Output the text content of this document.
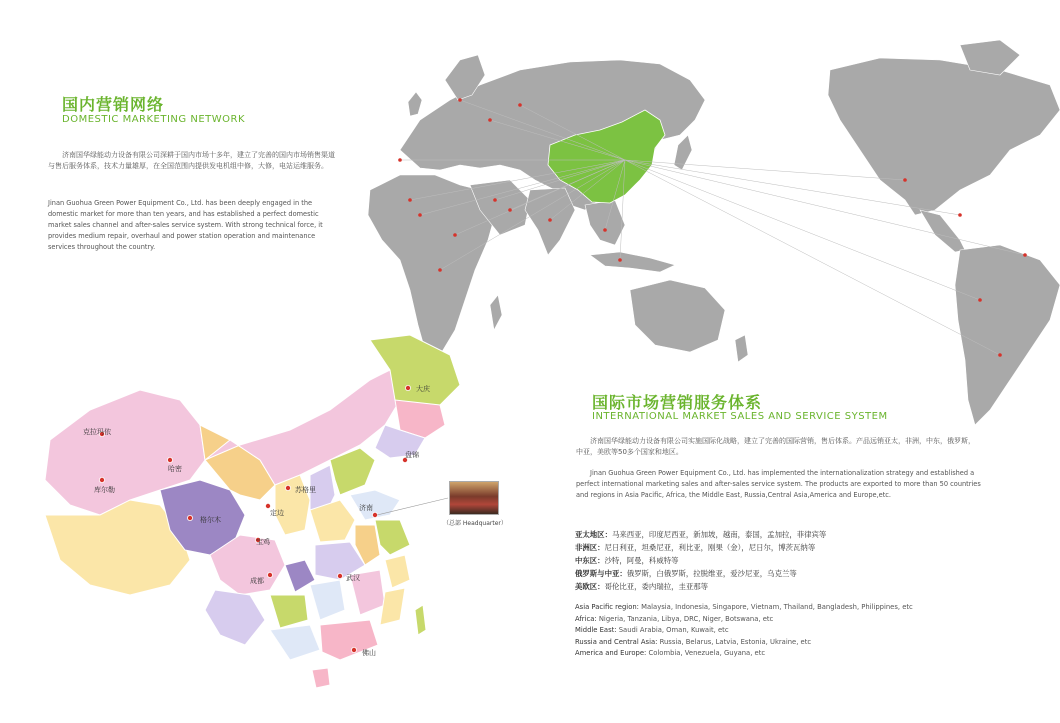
大庆
克拉玛依
哈密
库尔勒
格尔木
定边
苏格里
宝鸡
成都	武汉
济南
盘锦
佛山
（总部 Headquarter）
国内营销网络
DOMESTIC MARKETING NETWORK
济南国华绿能动力设备有限公司深耕于国内市场十多年，建立了完善的国内市场销售渠道与售后服务体系，技术力量雄厚，在全国范围内提供发电机组中修，大修，电站运维服务。
Jinan Guohua Green Power Equipment Co., Ltd. has been deeply engaged in the domestic market for more than ten years, and has established a perfect domestic market sales channel and after-sales service system. With strong technical force, it provides medium repair, overhaul and power station operation and maintenance services throughout the country.
国际市场营销服务体系
INTERNATIONAL MARKET SALES AND SERVICE SYSTEM
济南国华绿能动力设备有限公司实施国际化战略，建立了完善的国际营销，售后体系。产品远销亚太，非洲，中东，俄罗斯，中亚，美欧等50多个国家和地区。
Jinan Guohua Green Power Equipment Co., Ltd. has implemented the internationalization strategy and established a perfect international marketing sales and after-sales service system. The products are exported to more than 50 countries and regions in Asia Pacific, Africa, the Middle East, Russia,Central Asia,America and Europe,etc.
亚太地区：马来西亚，印度尼西亚，新加坡，越南，泰国，孟加拉，菲律宾等
非洲区：尼日利亚，坦桑尼亚，利比亚，刚果（金），尼日尔，博茨瓦纳等
中东区：沙特，阿曼，科威特等
俄罗斯与中亚：俄罗斯，白俄罗斯，拉脱维亚，爱沙尼亚，乌克兰等
美欧区：哥伦比亚，委内瑞拉，圭亚那等
Asia Pacific region: Malaysia, Indonesia, Singapore, Vietnam, Thailand, Bangladesh, Philippines, etc
Africa: Nigeria, Tanzania, Libya, DRC, Niger, Botswana, etc
Middle East: Saudi Arabia, Oman, Kuwait, etc
Russia and Central Asia: Russia, Belarus, Latvia, Estonia, Ukraine, etc
America and Europe: Colombia, Venezuela, Guyana, etc
